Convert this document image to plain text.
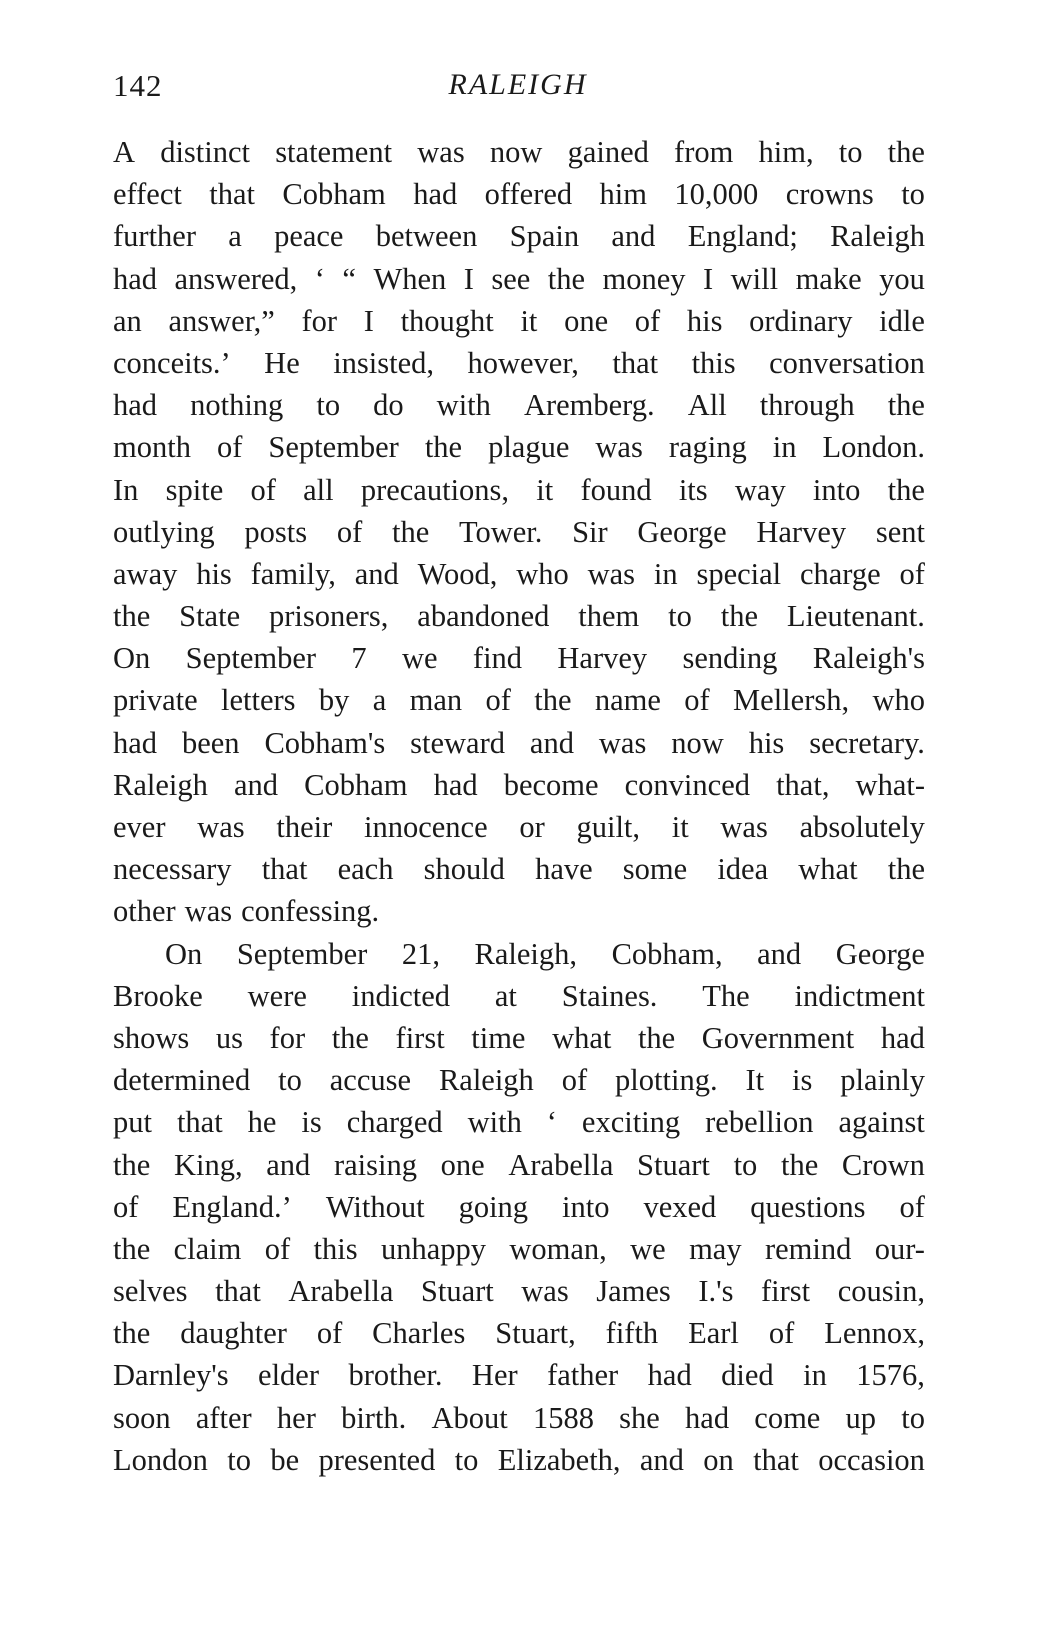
142	RALEIGH
A distinct statement was now gained from him, to the
effect that Cobham had offered him 10,000 crowns to
further a peace between Spain and England; Raleigh
had answered, ‘ “ When I see the money I will make you
an answer,” for I thought it one of his ordinary idle
conceits.’ He insisted, however, that this conversation
had nothing to do with Aremberg. All through the
month of September the plague was raging in London.
In spite of all precautions, it found its way into the
outlying posts of the Tower. Sir George Harvey sent
away his family, and Wood, who was in special charge of
the State prisoners, abandoned them to the Lieutenant.
On September 7 we find Harvey sending Raleigh's
private letters by a man of the name of Mellersh, who
had been Cobham's steward and was now his secretary.
Raleigh and Cobham had become convinced that, what-
ever was their innocence or guilt, it was absolutely
necessary that each should have some idea what the
other was confessing.
On September 21, Raleigh, Cobham, and George
Brooke were indicted at Staines. The indictment
shows us for the first time what the Government had
determined to accuse Raleigh of plotting. It is plainly
put that he is charged with ‘ exciting rebellion against
the King, and raising one Arabella Stuart to the Crown
of England.’ Without going into vexed questions of
the claim of this unhappy woman, we may remind our-
selves that Arabella Stuart was James I.'s first cousin,
the daughter of Charles Stuart, fifth Earl of Lennox,
Darnley's elder brother. Her father had died in 1576,
soon after her birth. About 1588 she had come up to
London to be presented to Elizabeth, and on that occasion
